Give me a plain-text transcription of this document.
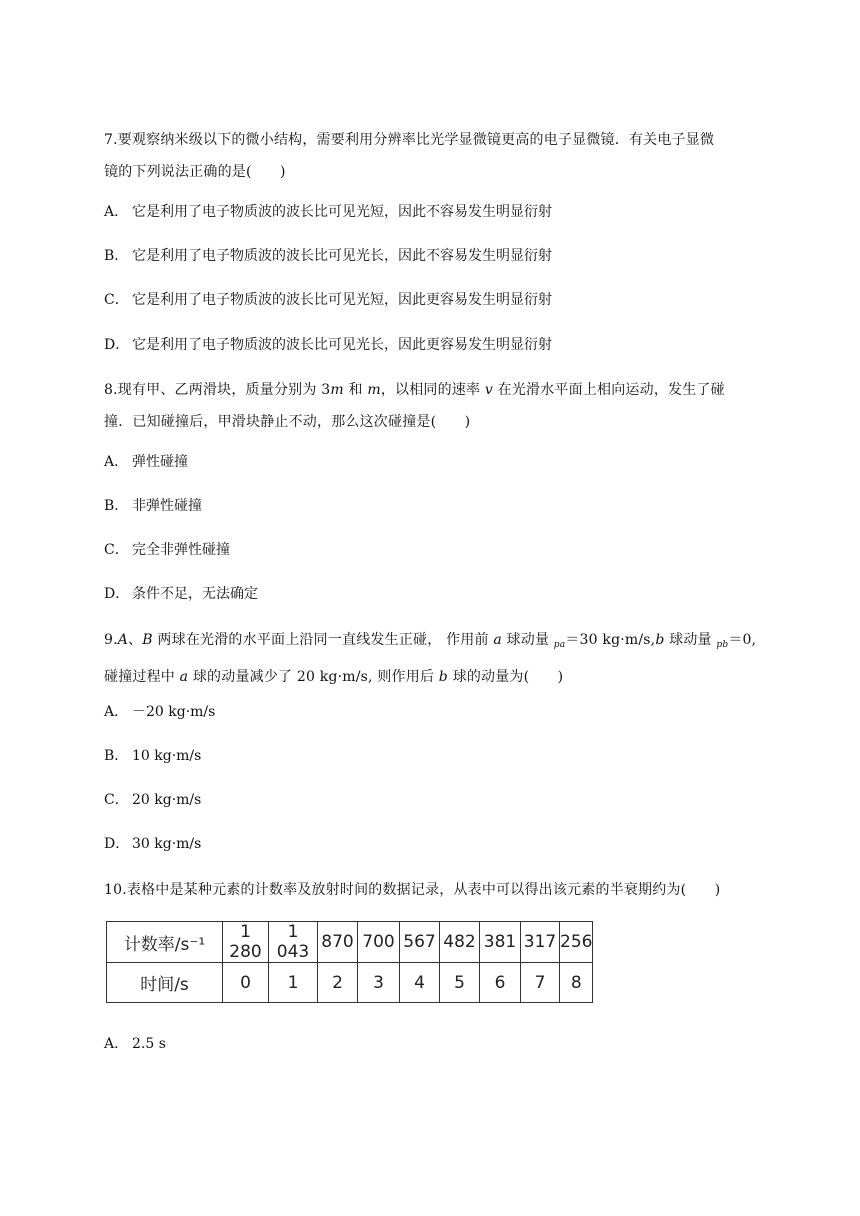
7.要观察纳米级以下的微小结构，需要利用分辨率比光学显微镜更高的电子显微镜．有关电子显微
镜的下列说法正确的是(　　)
A． 它是利用了电子物质波的波长比可见光短，因此不容易发生明显衍射
B． 它是利用了电子物质波的波长比可见光长，因此不容易发生明显衍射
C． 它是利用了电子物质波的波长比可见光短，因此更容易发生明显衍射
D． 它是利用了电子物质波的波长比可见光长，因此更容易发生明显衍射
8.现有甲、乙两滑块，质量分别为 3m 和 m，以相同的速率 v 在光滑水平面上相向运动，发生了碰
撞．已知碰撞后，甲滑块静止不动，那么这次碰撞是(　　)
A． 弹性碰撞
B． 非弹性碰撞
C． 完全非弹性碰撞
D． 条件不足，无法确定
9.A、B 两球在光滑的水平面上沿同一直线发生正碰， 作用前 a 球动量 $_{pa}$＝30 kg·m/s,b 球动量 $_{pb}$＝0,
碰撞过程中 a 球的动量减少了 20 kg·m/s, 则作用后 b 球的动量为(　　)
A． －20 kg·m/s
B． 10 kg·m/s
C． 20 kg·m/s
D． 30 kg·m/s
10.表格中是某种元素的计数率及放射时间的数据记录，从表中可以得出该元素的半衰期约为(　　)
计数率/s⁻¹	1 280	1 043	870	700	567	482	381	317	256
时间/s	0	1	2	3	4	5	6	7	8
A． 2.5 s
